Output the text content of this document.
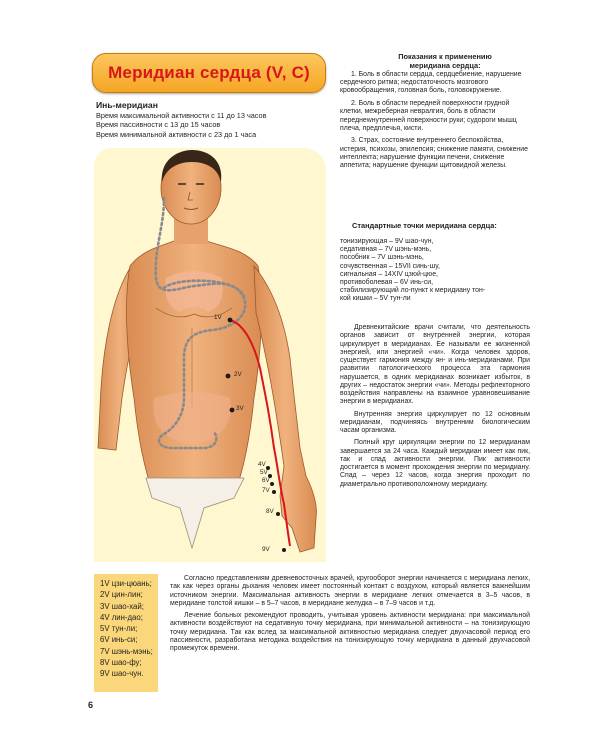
Меридиан сердца (V, C)
Инь-меридиан
Время максимальной активности с 11 до 13 часов
Время пассивности с 13 до 15 часов
Время минимальной активности с 23 до 1 часа
1V
2V
3V
4V
5V
6V
7V
8V
9V
Показания к применению
меридиана сердца:

1. Боль в области сердца, сердцебиение, нарушение сердечного ритма; недостаточность мозгового кровообращения, головная боль, головокружение.

2. Боль в области передней поверхности грудной клетки, межреберная невралгия, боль в области переднewнутренней поверхности руки; судороги мышц плеча, предплечья, кисти.

3. Страх, состояние внутреннего беспокойства, истерия, психозы, эпилепсия; снижение памяти, снижение интеллекта; нарушение функции печени, снижение аппетита; нарушение функции щитовидной железы.

Стандартные точки меридиана сердца:
тонизирующая – 9V шао-чун,
седативная – 7V шэнь-мэнь,
пособник – 7V шэнь-мэнь,
сочувственная – 15VII синь-шу,
сигнальная – 14XIV цзюй-цюе,
противоболевая – 6V инь-си,
стабилизирующий ло-пункт к меридиану тон-
кой кишки – 5V тун-ли

Древнекитайские врачи считали, что деятельность органов зависит от внутренней энергии, которая циркулирует в меридианах. Ее называли ее жизненной энергией, или энергией «чи». Когда человек здоров, существует гармония между ян- и инь-меридианами. При развитии патологического процесса эта гармония нарушается, в одних меридианах возникает избыток, в других – недостаток энергии «чи». Методы рефлекторного воздействия направлены на взаимное уравновешивание энергии в меридианах.

Внутренняя энергия циркулирует по 12 основным меридианам, подчиняясь внутренним биологическим часам организма.

Полный круг циркуляции энергии по 12 меридианам завершается за 24 часа. Каждый меридиан имеет как пик, так и спад активности энергии. Пик активности достигается в момент прохождения энергии по меридиану. Спад – через 12 часов, когда энергия проходит по диаметрально противоположному меридиану.

1V цзи-цюань;
2V цин-лин;
3V шао-хай;
4V лин-дао;
5V тун-ли;
6V инь-си;
7V шэнь-мэнь;
8V шао-фу;
9V шао-чун.

Согласно представлениям древневосточных врачей, кругооборот энергии начинается с меридиана легких, так как через органы дыхания человек имеет постоянный контакт с воздухом, который является важнейшим источником энергии. Максимальная активность энергии в меридиане легких отмечается в 3–5 часов, в меридиане толстой кишки – в 5–7 часов, в меридиане желудка – в 7–9 часов и т.д.

Лечение больных рекомендуют проводить, учитывая уровень активности меридиана: при максимальной активности воздействуют на седативную точку меридиана, при минимальной активности – на тонизирующую точку меридиана. Так как вслед за максимальной активностью меридиана следует двухчасовой период его пассивности, разработана методика воздействия на тонизирующую точку меридиана в данный двухчасовой промежуток времени.

6
